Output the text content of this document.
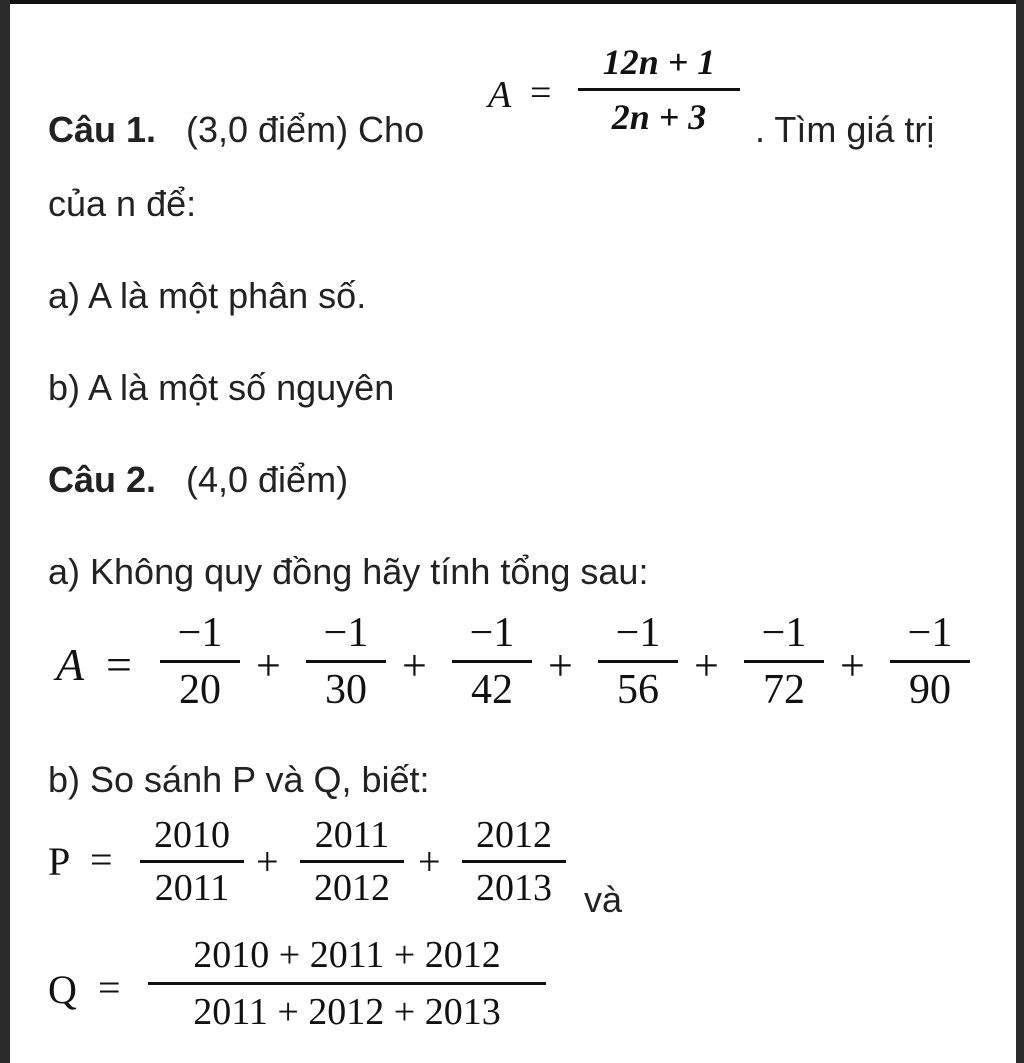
Câu 1. (3,0 điểm) Cho
A =
12n + 1
2n + 3	. Tìm giá trị
của n để:
a) A là một phân số.
b) A là một số nguyên
Câu 2. (4,0 điểm)
a) Không quy đồng hãy tính tổng sau:
A =
−1
20 +
−1
30 +
−1
42 +
−1
56 +
−1
72 +
−1
90
b) So sánh P và Q, biết:
P =
2010
2011
+
2011
2012
+
2012
2013 và
Q =
2010 + 2011 + 2012
2011 + 2012 + 2013
